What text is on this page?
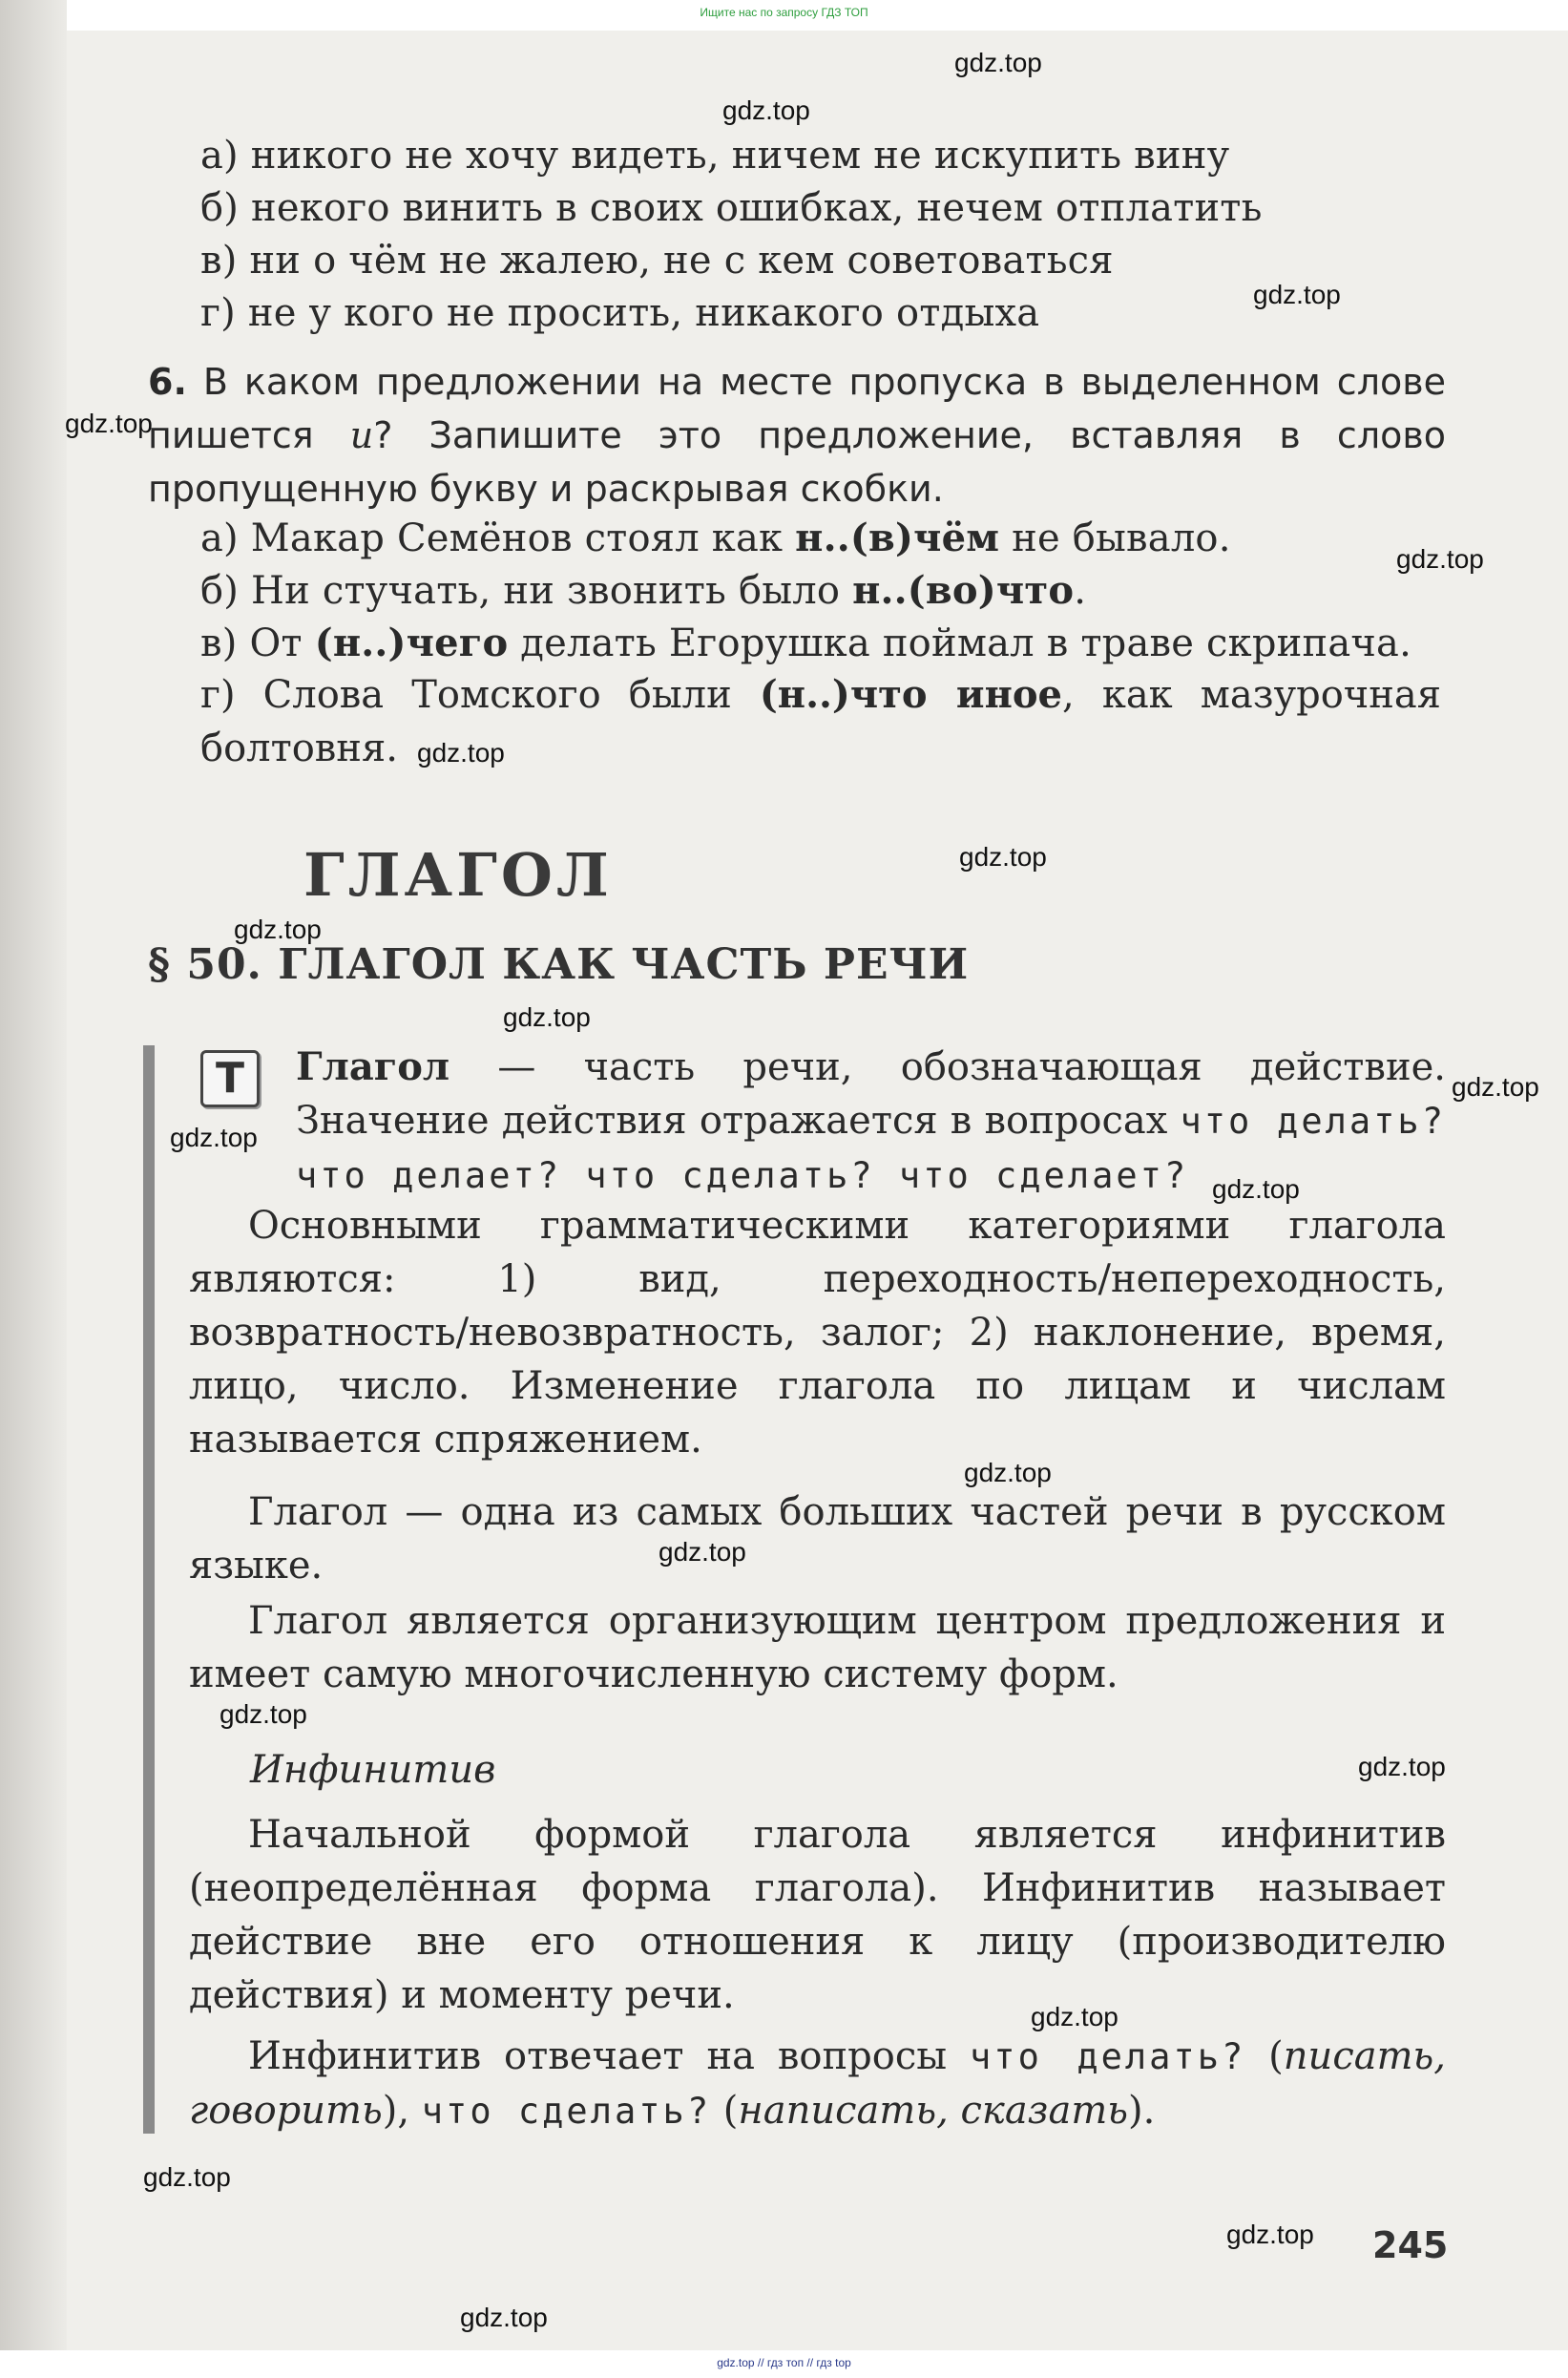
Ищите нас по запросу ГДЗ ТОП
а) никого не хочу видеть, ничем не искупить вину
б) некого винить в своих ошибках, нечем отплатить
в) ни о чём не жалею, не с кем советоваться
г) не у кого не просить, никакого отдыха
6. В каком предложении на месте пропуска в выделенном слове пишется и? Запишите это предложение, вставляя в слово пропущенную букву и раскрывая скобки.
а) Макар Семёнов стоял как н..(в)чём не бывало.
б) Ни стучать, ни звонить было н..(во)что.
в) От (н..)чего делать Егорушка поймал в траве скрипача.
г) Слова Томского были (н..)что иное, как мазурочная болтовня.
ГЛАГОЛ
§ 50. ГЛАГОЛ КАК ЧАСТЬ РЕЧИ
T	Глагол — часть речи, обозначающая действие. Значение действия отражается в вопросах что делать? что делает? что сделать? что сделает?
Основными грамматическими категориями глагола являются: 1) вид, переходность/непереходность, возвратность/невозвратность, залог; 2) наклонение, время, лицо, число. Изменение глагола по лицам и числам называется спряжением.
Глагол — одна из самых больших частей речи в русском языке.
Глагол является организующим центром предложения и имеет самую многочисленную систему форм.
Инфинитив
Начальной формой глагола является инфинитив (неопределённая форма глагола). Инфинитив называет действие вне его отношения к лицу (производителю действия) и моменту речи.
Инфинитив отвечает на вопросы что делать? (писать, говорить), что сделать? (написать, сказать).
245
gdz.top
gdz.top
gdz.top
gdz.top
gdz.top
gdz.top
gdz.top
gdz.top
gdz.top
gdz.top
gdz.top
gdz.top
gdz.top
gdz.top
gdz.top
gdz.top
gdz.top
gdz.top
gdz.top
gdz.top
gdz.top // гдз топ // гдз top
